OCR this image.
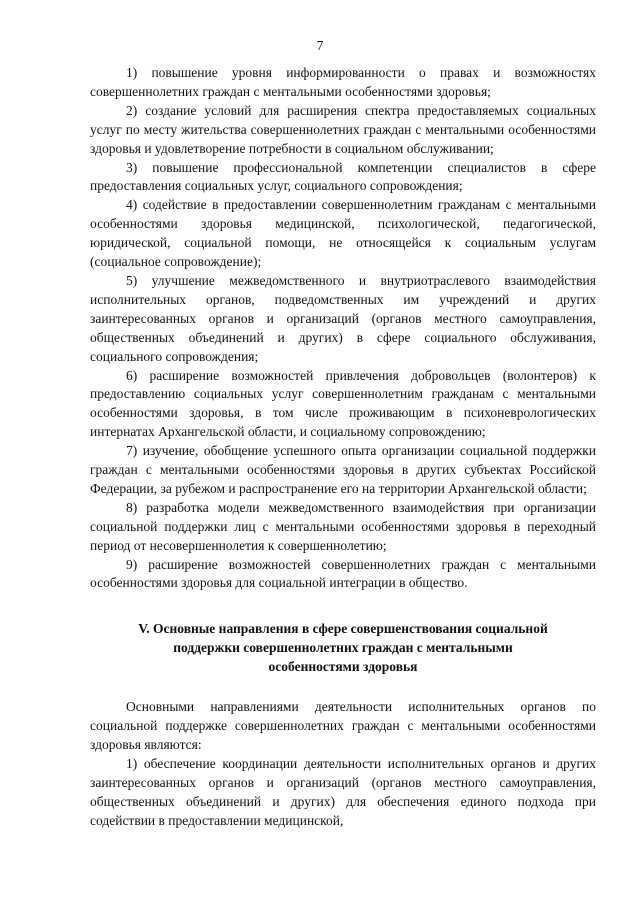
7

1) повышение уровня информированности о правах и возможностях совершеннолетних граждан с ментальными особенностями здоровья;

2) создание условий для расширения спектра предоставляемых социальных услуг по месту жительства совершеннолетних граждан с ментальными особенностями здоровья и удовлетворение потребности в социальном обслуживании;

3) повышение профессиональной компетенции специалистов в сфере предоставления социальных услуг, социального сопровождения;

4) содействие в предоставлении совершеннолетним гражданам с ментальными особенностями здоровья медицинской, психологической, педагогической, юридической, социальной помощи, не относящейся к социальным услугам (социальное сопровождение);

5) улучшение межведомственного и внутриотраслевого взаимодействия исполнительных органов, подведомственных им учреждений и других заинтересованных органов и организаций (органов местного самоуправления, общественных объединений и других) в сфере социального обслуживания, социального сопровождения;

6) расширение возможностей привлечения добровольцев (волонтеров) к предоставлению социальных услуг совершеннолетним гражданам с ментальными особенностями здоровья, в том числе проживающим в психоневрологических интернатах Архангельской области, и социальному сопровождению;

7) изучение, обобщение успешного опыта организации социальной поддержки граждан с ментальными особенностями здоровья в других субъектах Российской Федерации, за рубежом и распространение его на территории Архангельской области;

8) разработка модели межведомственного взаимодействия при организации социальной поддержки лиц с ментальными особенностями здоровья в переходный период от несовершеннолетия к совершеннолетию;

9) расширение возможностей совершеннолетних граждан с ментальными особенностями здоровья для социальной интеграции в общество.

V. Основные направления в сфере совершенствования социальной
поддержки совершеннолетних граждан с ментальными
особенностями здоровья

Основными направлениями деятельности исполнительных органов по социальной поддержке совершеннолетних граждан с ментальными особенностями здоровья являются:

1) обеспечение координации деятельности исполнительных органов и других заинтересованных органов и организаций (органов местного самоуправления, общественных объединений и других) для обеспечения единого подхода при содействии в предоставлении медицинской,
